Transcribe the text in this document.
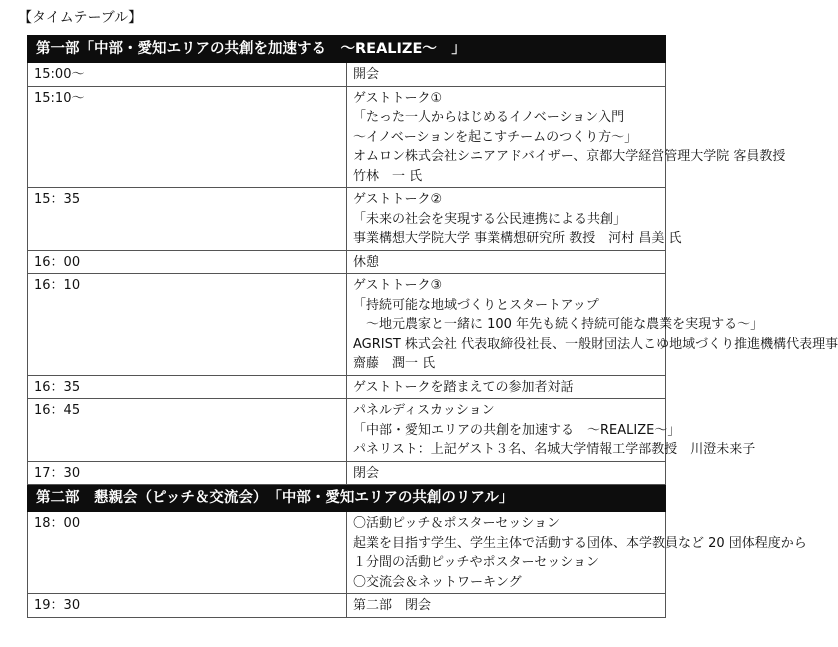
【タイムテーブル】
第一部「中部・愛知エリアの共創を加速する　～REALIZE～　」	
15:00～	開会

15:10～	ゲストトーク①
「たった一人からはじめるイノベーション入門
～イノベーションを起こすチームのつくり方～」
オムロン株式会社シニアアドバイザー、京都大学経営管理大学院 客員教授
竹林　一 氏

15：35	ゲストトーク②
「未来の社会を実現する公民連携による共創」
事業構想大学院大学 事業構想研究所 教授　河村 昌美 氏

16：00	休憩

16：10	ゲストトーク③
「持続可能な地域づくりとスタートアップ
　～地元農家と一緒に 100 年先も続く持続可能な農業を実現する～」
AGRIST 株式会社 代表取締役社長、一般財団法人こゆ地域づくり推進機構代表理事
齋藤　潤一 氏

16：35	ゲストトークを踏まえての参加者対話

16：45	パネルディスカッション
「中部・愛知エリアの共創を加速する　～REALIZE～」
パネリスト：上記ゲスト３名、名城大学情報工学部教授　川澄未来子

17：30	閉会

第二部　懇親会（ピッチ＆交流会）　「中部・愛知エリアの共創のリアル」	
18：00	〇活動ピッチ＆ポスターセッション
起業を目指す学生、学生主体で活動する団体、本学教員など 20 団体程度から
１分間の活動ピッチやポスターセッション
〇交流会＆ネットワーキング

19：30	第二部　閉会
